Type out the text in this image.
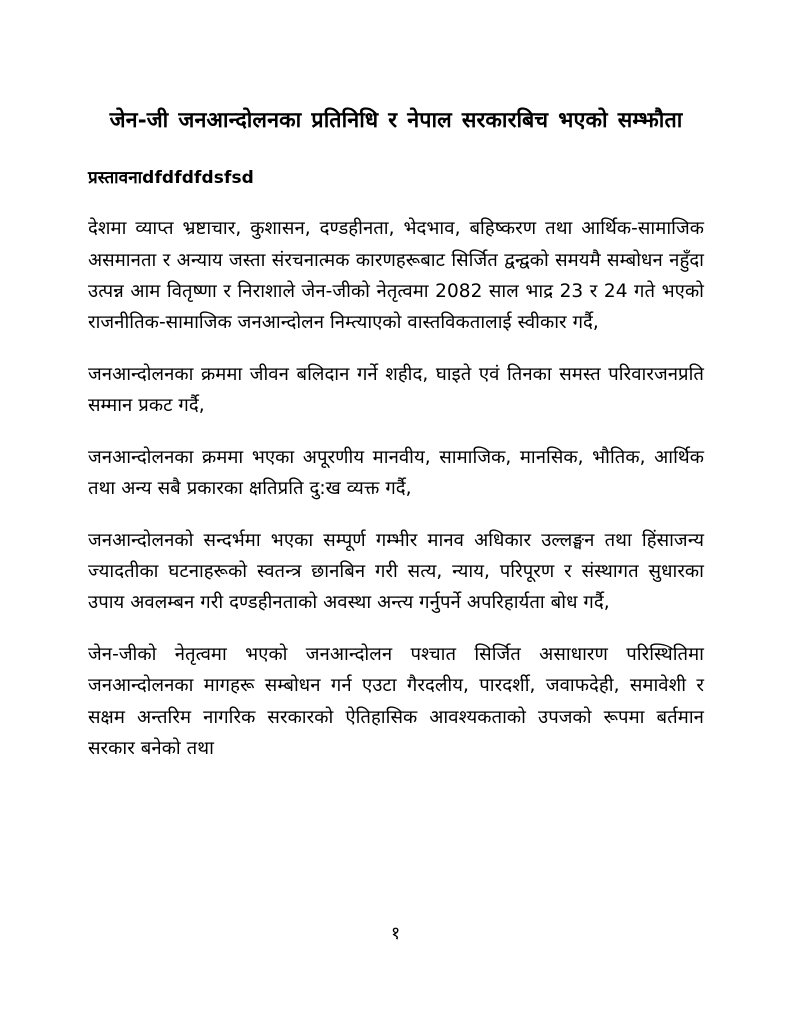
जेन-जी जनआन्दोलनका प्रतिनिधि र नेपाल सरकारबिच भएको सम्झौता
प्रस्तावनाdfdfdfdsfsd

देशमा व्याप्त भ्रष्टाचार, कुशासन, दण्डहीनता, भेदभाव, बहिष्करण तथा आर्थिक-सामाजिक असमानता र अन्याय जस्ता संरचनात्मक कारणहरूबाट सिर्जित द्वन्द्वको समयमै सम्बोधन नहुँदा उत्पन्न आम वितृष्णा र निराशाले जेन-जीको नेतृत्वमा 2082 साल भाद्र 23 र 24 गते भएको राजनीतिक-सामाजिक जनआन्दोलन निम्त्याएको वास्तविकतालाई स्वीकार गर्दै,

जनआन्दोलनका क्रममा जीवन बलिदान गर्ने शहीद, घाइते एवं तिनका समस्त परिवारजनप्रति सम्मान प्रकट गर्दै,

जनआन्दोलनका क्रममा भएका अपूरणीय मानवीय, सामाजिक, मानसिक, भौतिक, आर्थिक तथा अन्य सबै प्रकारका क्षतिप्रति दु:ख व्यक्त गर्दै,

जनआन्दोलनको सन्दर्भमा भएका सम्पूर्ण गम्भीर मानव अधिकार उल्लङ्घन तथा हिंसाजन्य ज्यादतीका घटनाहरूको स्वतन्त्र छानबिन गरी सत्य, न्याय, परिपूरण र संस्थागत सुधारका उपाय अवलम्बन गरी दण्डहीनताको अवस्था अन्त्य गर्नुपर्ने अपरिहार्यता बोध गर्दै,

जेन-जीको नेतृत्वमा भएको जनआन्दोलन पश्चात सिर्जित असाधारण परिस्थितिमा जनआन्दोलनका मागहरू सम्बोधन गर्न एउटा गैरदलीय, पारदर्शी, जवाफदेही, समावेशी र सक्षम अन्तरिम नागरिक सरकारको ऐतिहासिक आवश्यकताको उपजको रूपमा बर्तमान सरकार बनेको तथा

१
